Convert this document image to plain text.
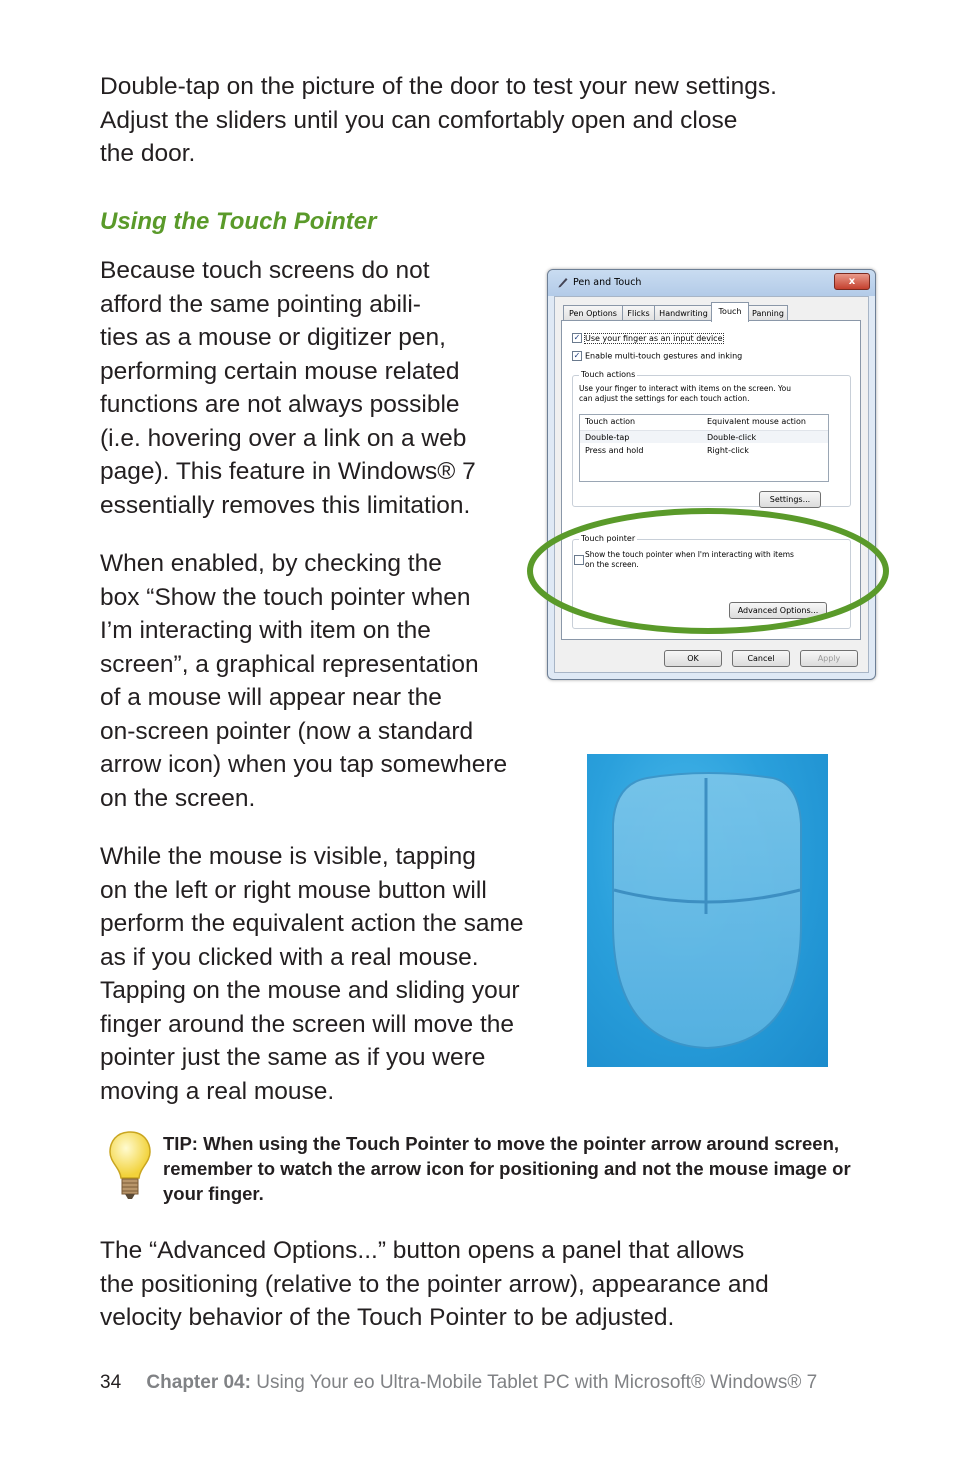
Double-tap on the picture of the door to test your new settings.
Adjust the sliders until you can comfortably open and close
the door.

Using the Touch Pointer

Because touch screens do not
afford the same pointing abili-
ties as a mouse or digitizer pen,
performing certain mouse related
functions are not always possible
(i.e. hovering over a link on a web
page). This feature in Windows® 7
essentially removes this limitation.

When enabled, by checking the
box “Show the touch pointer when
I’m interacting with item on the
screen”, a graphical representation
of a mouse will appear near the
on-screen pointer (now a standard
arrow icon) when you tap somewhere
on the screen.

While the mouse is visible, tapping
on the left or right mouse button will
perform the equivalent action the same
as if you clicked with a real mouse.
Tapping on the mouse and sliding your
finger around the screen will move the
pointer just the same as if you were
moving a real mouse.

Pen and Touch	x
Pen Options	Flicks	Handwriting	Touch	Panning
✓Use your finger as an input device
✓Enable multi-touch gestures and inking
Touch actions
Use your finger to interact with items on the screen. You
can adjust the settings for each touch action.
Touch action	Equivalent mouse action
Double-tap	Double-click
Press and hold	Right-click
Settings...
Touch pointer
Show the touch pointer when I'm interacting with items
on the screen.
Advanced Options...
OK	Cancel	Apply

TIP: When using the Touch Pointer to move the pointer arrow around screen, remember to watch the arrow icon for positioning and not the mouse image or your finger.

The “Advanced Options...” button opens a panel that allows
the positioning (relative to the pointer arrow), appearance and
velocity behavior of the Touch Pointer to be adjusted.

34 Chapter 04: Using Your eo Ultra-Mobile Tablet PC with Microsoft® Windows® 7
